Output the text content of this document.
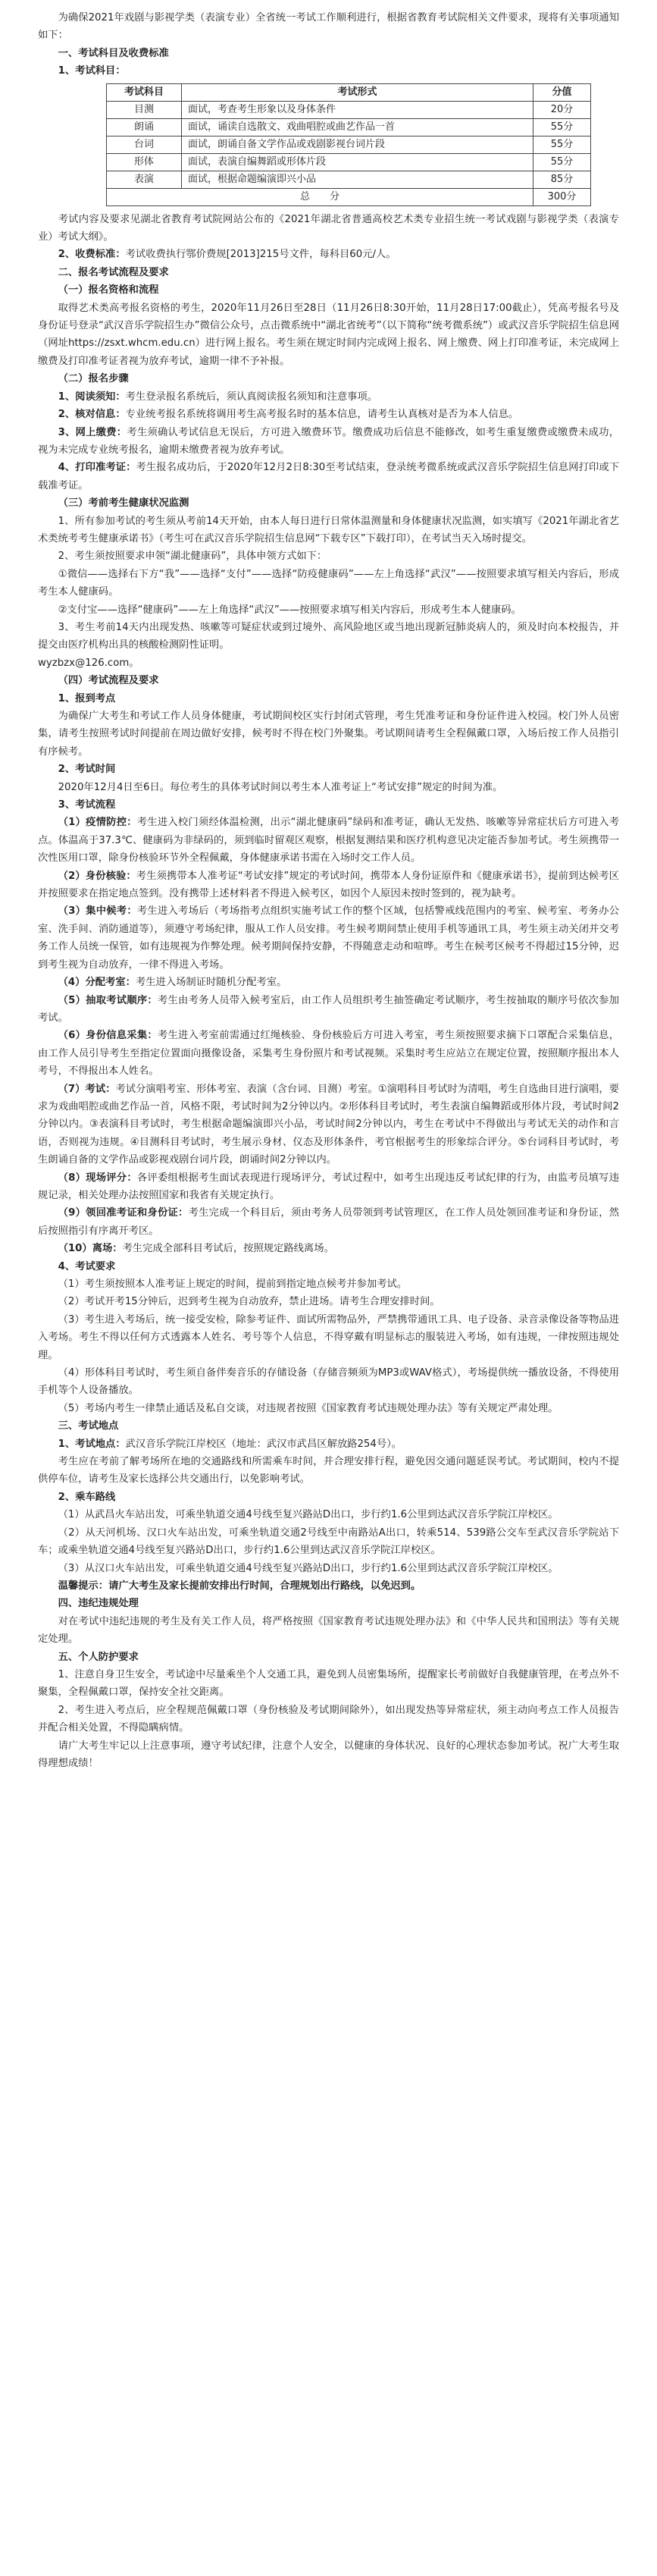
为确保2021年戏剧与影视学类（表演专业）全省统一考试工作顺利进行，根据省教育考试院相关文件要求，现将有关事项通知如下：

一、考试科目及收费标准

1、考试科目：

考试科目	考试形式	分值
目测	面试，考查考生形象以及身体条件	20分
朗诵	面试，诵读自选散文、戏曲唱腔或曲艺作品一首	55分
台词	面试，朗诵自备文学作品或戏剧影视台词片段	55分
形体	面试，表演自编舞蹈或形体片段	55分
表演	面试，根据命题编演即兴小品	85分
总　　分		300分

考试内容及要求见湖北省教育考试院网站公布的《2021年湖北省普通高校艺术类专业招生统一考试戏剧与影视学类（表演专业）考试大纲》。

2、收费标准：考试收费执行鄂价费规[2013]215号文件，每科目60元/人。

二、报名考试流程及要求

（一）报名资格和流程

取得艺术类高考报名资格的考生，2020年11月26日至28日（11月26日8:30开始，11月28日17:00截止），凭高考报名号及身份证号登录“武汉音乐学院招生办”微信公众号，点击微系统中“湖北省统考”（以下简称“统考微系统”）或武汉音乐学院招生信息网（网址https://zsxt.whcm.edu.cn）进行网上报名。考生须在规定时间内完成网上报名、网上缴费、网上打印准考证，未完成网上缴费及打印准考证者视为放弃考试，逾期一律不予补报。

（二）报名步骤

1、阅读须知：考生登录报名系统后，须认真阅读报名须知和注意事项。

2、核对信息：专业统考报名系统将调用考生高考报名时的基本信息，请考生认真核对是否为本人信息。

3、网上缴费：考生须确认考试信息无误后，方可进入缴费环节。缴费成功后信息不能修改，如考生重复缴费或缴费未成功，视为未完成专业统考报名，逾期未缴费者视为放弃考试。

4、打印准考证：考生报名成功后，于2020年12月2日8:30至考试结束，登录统考微系统或武汉音乐学院招生信息网打印或下载准考证。

（三）考前考生健康状况监测

1、所有参加考试的考生须从考前14天开始，由本人每日进行日常体温测量和身体健康状况监测，如实填写《2021年湖北省艺术类统考考生健康承诺书》（考生可在武汉音乐学院招生信息网“下载专区”下载打印），在考试当天入场时提交。

2、考生须按照要求申领“湖北健康码”，具体申领方式如下：

①微信——选择右下方“我”——选择“支付”——选择“防疫健康码”——左上角选择“武汉”——按照要求填写相关内容后，形成考生本人健康码。

②支付宝——选择“健康码”——左上角选择“武汉”——按照要求填写相关内容后，形成考生本人健康码。

3、考生考前14天内出现发热、咳嗽等可疑症状或到过境外、高风险地区或当地出现新冠肺炎病人的，须及时向本校报告，并提交由医疗机构出具的核酸检测阴性证明。

wyzbzx@126.com。

（四）考试流程及要求

1、报到考点

为确保广大考生和考试工作人员身体健康，考试期间校区实行封闭式管理，考生凭准考证和身份证件进入校园。校门外人员密集，请考生按照考试时间提前在周边做好安排，候考时不得在校门外聚集。考试期间请考生全程佩戴口罩，入场后按工作人员指引有序候考。

2、考试时间

2020年12月4日至6日。每位考生的具体考试时间以考生本人准考证上“考试安排”规定的时间为准。

3、考试流程

（1）疫情防控：考生进入校门须经体温检测，出示“湖北健康码”绿码和准考证，确认无发热、咳嗽等异常症状后方可进入考点。体温高于37.3℃、健康码为非绿码的，须到临时留观区观察，根据复测结果和医疗机构意见决定能否参加考试。考生须携带一次性医用口罩，除身份核验环节外全程佩戴，身体健康承诺书需在入场时交工作人员。

（2）身份核验：考生须携带本人准考证“考试安排”规定的考试时间，携带本人身份证原件和《健康承诺书》，提前到达候考区并按照要求在指定地点签到。没有携带上述材料者不得进入候考区，如因个人原因未按时签到的，视为缺考。

（3）集中候考：考生进入考场后（考场指考点组织实施考试工作的整个区域，包括警戒线范围内的考室、候考室、考务办公室、洗手间、消防通道等），须遵守考场纪律，服从工作人员安排。考生候考期间禁止使用手机等通讯工具，考生须主动关闭并交考务工作人员统一保管，如有违规视为作弊处理。候考期间保持安静，不得随意走动和喧哗。考生在候考区候考不得超过15分钟，迟到考生视为自动放弃，一律不得进入考场。

（4）分配考室：考生进入场制证时随机分配考室。

（5）抽取考试顺序：考生由考务人员带入候考室后，由工作人员组织考生抽签确定考试顺序，考生按抽取的顺序号依次参加考试。

（6）身份信息采集：考生进入考室前需通过红绳核验、身份核验后方可进入考室，考生须按照要求摘下口罩配合采集信息，由工作人员引导考生至指定位置面向摄像设备，采集考生身份照片和考试视频。采集时考生应站立在规定位置，按照顺序报出本人考号，不得报出本人姓名。

（7）考试：考试分演唱考室、形体考室、表演（含台词、目测）考室。①演唱科目考试时为清唱，考生自选曲目进行演唱，要求为戏曲唱腔或曲艺作品一首，风格不限，考试时间为2分钟以内。②形体科目考试时，考生表演自编舞蹈或形体片段，考试时间2分钟以内。③表演科目考试时，考生根据命题编演即兴小品，考试时间2分钟以内，考生在考试中不得做出与考试无关的动作和言语，否则视为违规。④目测科目考试时，考生展示身材、仪态及形体条件，考官根据考生的形象综合评分。⑤台词科目考试时，考生朗诵自备的文学作品或影视戏剧台词片段，朗诵时间2分钟以内。

（8）现场评分：各评委组根据考生面试表现进行现场评分，考试过程中，如考生出现违反考试纪律的行为，由监考员填写违规记录，相关处理办法按照国家和我省有关规定执行。

（9）领回准考证和身份证：考生完成一个科目后，须由考务人员带领到考试管理区，在工作人员处领回准考证和身份证，然后按照指引有序离开考区。

（10）离场：考生完成全部科目考试后，按照规定路线离场。

4、考试要求

（1）考生须按照本人准考证上规定的时间，提前到指定地点候考并参加考试。

（2）考试开考15分钟后，迟到考生视为自动放弃，禁止进场。请考生合理安排时间。

（3）考生进入考场后，统一接受安检，除参考证件、面试所需物品外，严禁携带通讯工具、电子设备、录音录像设备等物品进入考场。考生不得以任何方式透露本人姓名、考号等个人信息，不得穿戴有明显标志的服装进入考场，如有违规，一律按照违规处理。

（4）形体科目考试时，考生须自备伴奏音乐的存储设备（存储音频须为MP3或WAV格式），考场提供统一播放设备，不得使用手机等个人设备播放。

（5）考场内考生一律禁止通话及私自交谈，对违规者按照《国家教育考试违规处理办法》等有关规定严肃处理。

三、考试地点

1、考试地点：武汉音乐学院江岸校区（地址：武汉市武昌区解放路254号）。

考生应在考前了解考场所在地的交通路线和所需乘车时间，并合理安排行程，避免因交通问题延误考试。考试期间，校内不提供停车位，请考生及家长选择公共交通出行，以免影响考试。

2、乘车路线

（1）从武昌火车站出发，可乘坐轨道交通4号线至复兴路站D出口，步行约1.6公里到达武汉音乐学院江岸校区。

（2）从天河机场、汉口火车站出发，可乘坐轨道交通2号线至中南路站A出口，转乘514、539路公交车至武汉音乐学院站下车；或乘坐轨道交通4号线至复兴路站D出口，步行约1.6公里到达武汉音乐学院江岸校区。

（3）从汉口火车站出发，可乘坐轨道交通4号线至复兴路站D出口，步行约1.6公里到达武汉音乐学院江岸校区。

温馨提示：请广大考生及家长提前安排出行时间，合理规划出行路线，以免迟到。

四、违纪违规处理

对在考试中违纪违规的考生及有关工作人员，将严格按照《国家教育考试违规处理办法》和《中华人民共和国刑法》等有关规定处理。

五、个人防护要求

1、注意自身卫生安全，考试途中尽量乘坐个人交通工具，避免到人员密集场所，提醒家长考前做好自我健康管理，在考点外不聚集，全程佩戴口罩，保持安全社交距离。

2、考生进入考点后，应全程规范佩戴口罩（身份核验及考试期间除外），如出现发热等异常症状，须主动向考点工作人员报告并配合相关处置，不得隐瞒病情。

请广大考生牢记以上注意事项，遵守考试纪律，注意个人安全，以健康的身体状况、良好的心理状态参加考试。祝广大考生取得理想成绩！
